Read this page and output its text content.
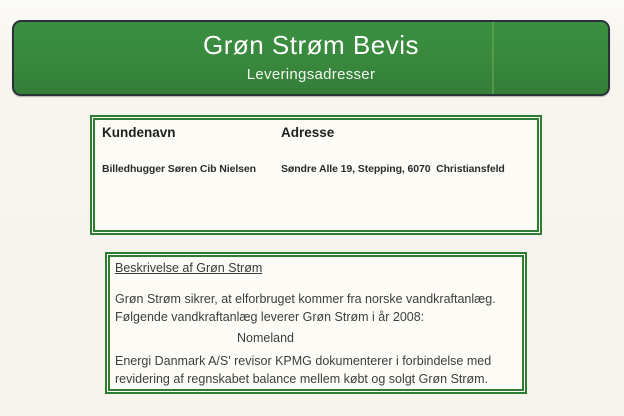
Grøn Strøm Bevis
Leveringsadresser
Kundenavn	Adresse
Billedhugger Søren Cib Nielsen	Søndre Alle 19, Stepping, 6070  Christiansfeld
Beskrivelse af Grøn Strøm
Grøn Strøm sikrer, at elforbruget kommer fra norske vandkraftanlæg.
Følgende vandkraftanlæg leverer Grøn Strøm i år 2008:
Nomeland
Energi Danmark A/S' revisor KPMG dokumenterer i forbindelse med
revidering af regnskabet balance mellem købt og solgt Grøn Strøm.
